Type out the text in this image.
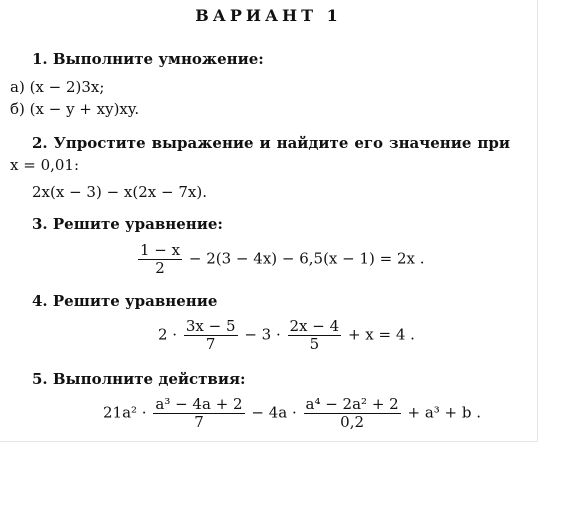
ВАРИАНТ 1
1. Выполните умножение:
а) (x − 2)3x;
б) (x − y + xy)xy.
2. Упростите выражение и найдите его значение при
x = 0,01:
2x(x − 3) − x(2x − 7x).
3. Решите уравнение:
$\frac{1 - x}{2} - 2(3 - 4x) - 6,5(x - 1) = 2x$ .
4. Решите уравнение
$2 \cdot \frac{3x - 5}{7} - 3 \cdot \frac{2x - 4}{5} + x = 4$ .
5. Выполните действия:
$21a^2 \cdot \frac{\text{a³ − 4a + 2}}{7} - 4a \cdot \frac{\text{a⁴ − 2a² + 2}}{0,2} + a^3 + b$ .
